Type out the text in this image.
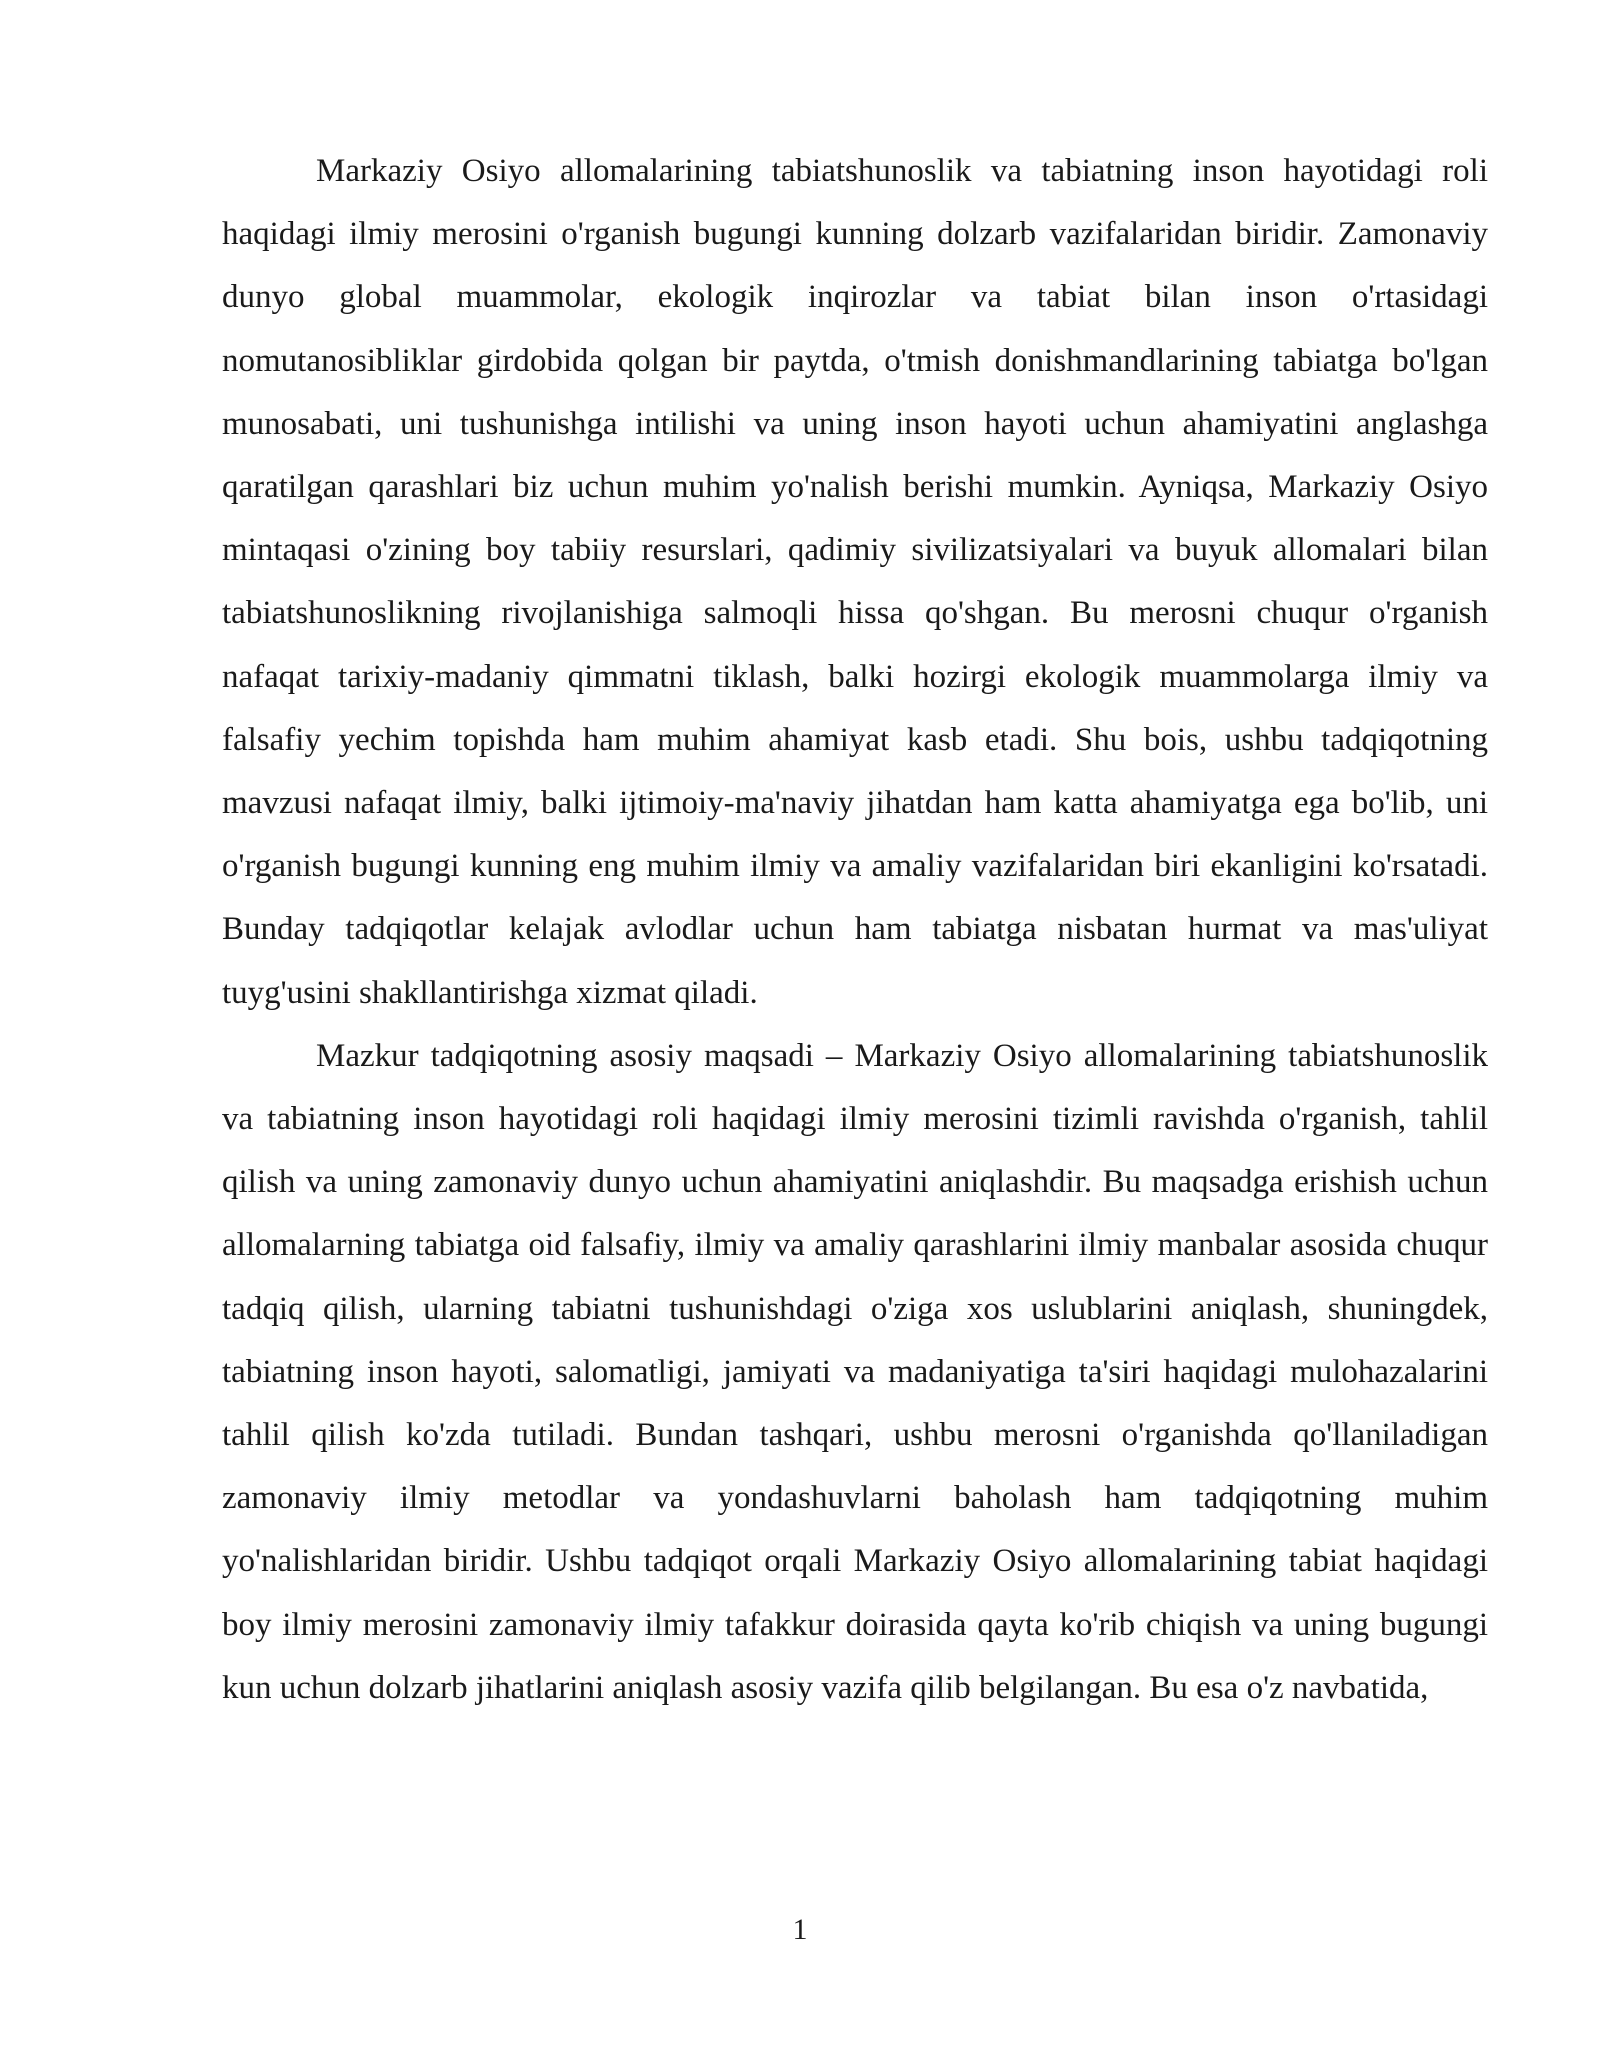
Markaziy Osiyo allomalarining tabiatshunoslik va tabiatning inson hayotidagi roli haqidagi ilmiy merosini o'rganish bugungi kunning dolzarb vazifalaridan biridir. Zamonaviy dunyo global muammolar, ekologik inqirozlar va tabiat bilan inson o'rtasidagi nomutanosibliklar girdobida qolgan bir paytda, o'tmish donishmandlarining tabiatga bo'lgan munosabati, uni tushunishga intilishi va uning inson hayoti uchun ahamiyatini anglashga qaratilgan qarashlari biz uchun muhim yo'nalish berishi mumkin. Ayniqsa, Markaziy Osiyo mintaqasi o'zining boy tabiiy resurslari, qadimiy sivilizatsiyalari va buyuk allomalari bilan tabiatshunoslikning rivojlanishiga salmoqli hissa qo'shgan. Bu merosni chuqur o'rganish nafaqat tarixiy-madaniy qimmatni tiklash, balki hozirgi ekologik muammolarga ilmiy va falsafiy yechim topishda ham muhim ahamiyat kasb etadi. Shu bois, ushbu tadqiqotning mavzusi nafaqat ilmiy, balki ijtimoiy-ma'naviy jihatdan ham katta ahamiyatga ega bo'lib, uni o'rganish bugungi kunning eng muhim ilmiy va amaliy vazifalaridan biri ekanligini ko'rsatadi. Bunday tadqiqotlar kelajak avlodlar uchun ham tabiatga nisbatan hurmat va mas'uliyat tuyg'usini shakllantirishga xizmat qiladi.

Mazkur tadqiqotning asosiy maqsadi – Markaziy Osiyo allomalarining tabiatshunoslik va tabiatning inson hayotidagi roli haqidagi ilmiy merosini tizimli ravishda o'rganish, tahlil qilish va uning zamonaviy dunyo uchun ahamiyatini aniqlashdir. Bu maqsadga erishish uchun allomalarning tabiatga oid falsafiy, ilmiy va amaliy qarashlarini ilmiy manbalar asosida chuqur tadqiq qilish, ularning tabiatni tushunishdagi o'ziga xos uslublarini aniqlash, shuningdek, tabiatning inson hayoti, salomatligi, jamiyati va madaniyatiga ta'siri haqidagi mulohazalarini tahlil qilish ko'zda tutiladi. Bundan tashqari, ushbu merosni o'rganishda qo'llaniladigan zamonaviy ilmiy metodlar va yondashuvlarni baholash ham tadqiqotning muhim yo'nalishlaridan biridir. Ushbu tadqiqot orqali Markaziy Osiyo allomalarining tabiat haqidagi boy ilmiy merosini zamonaviy ilmiy tafakkur doirasida qayta ko'rib chiqish va uning bugungi kun uchun dolzarb jihatlarini aniqlash asosiy vazifa qilib belgilangan. Bu esa o'z navbatida,

1
